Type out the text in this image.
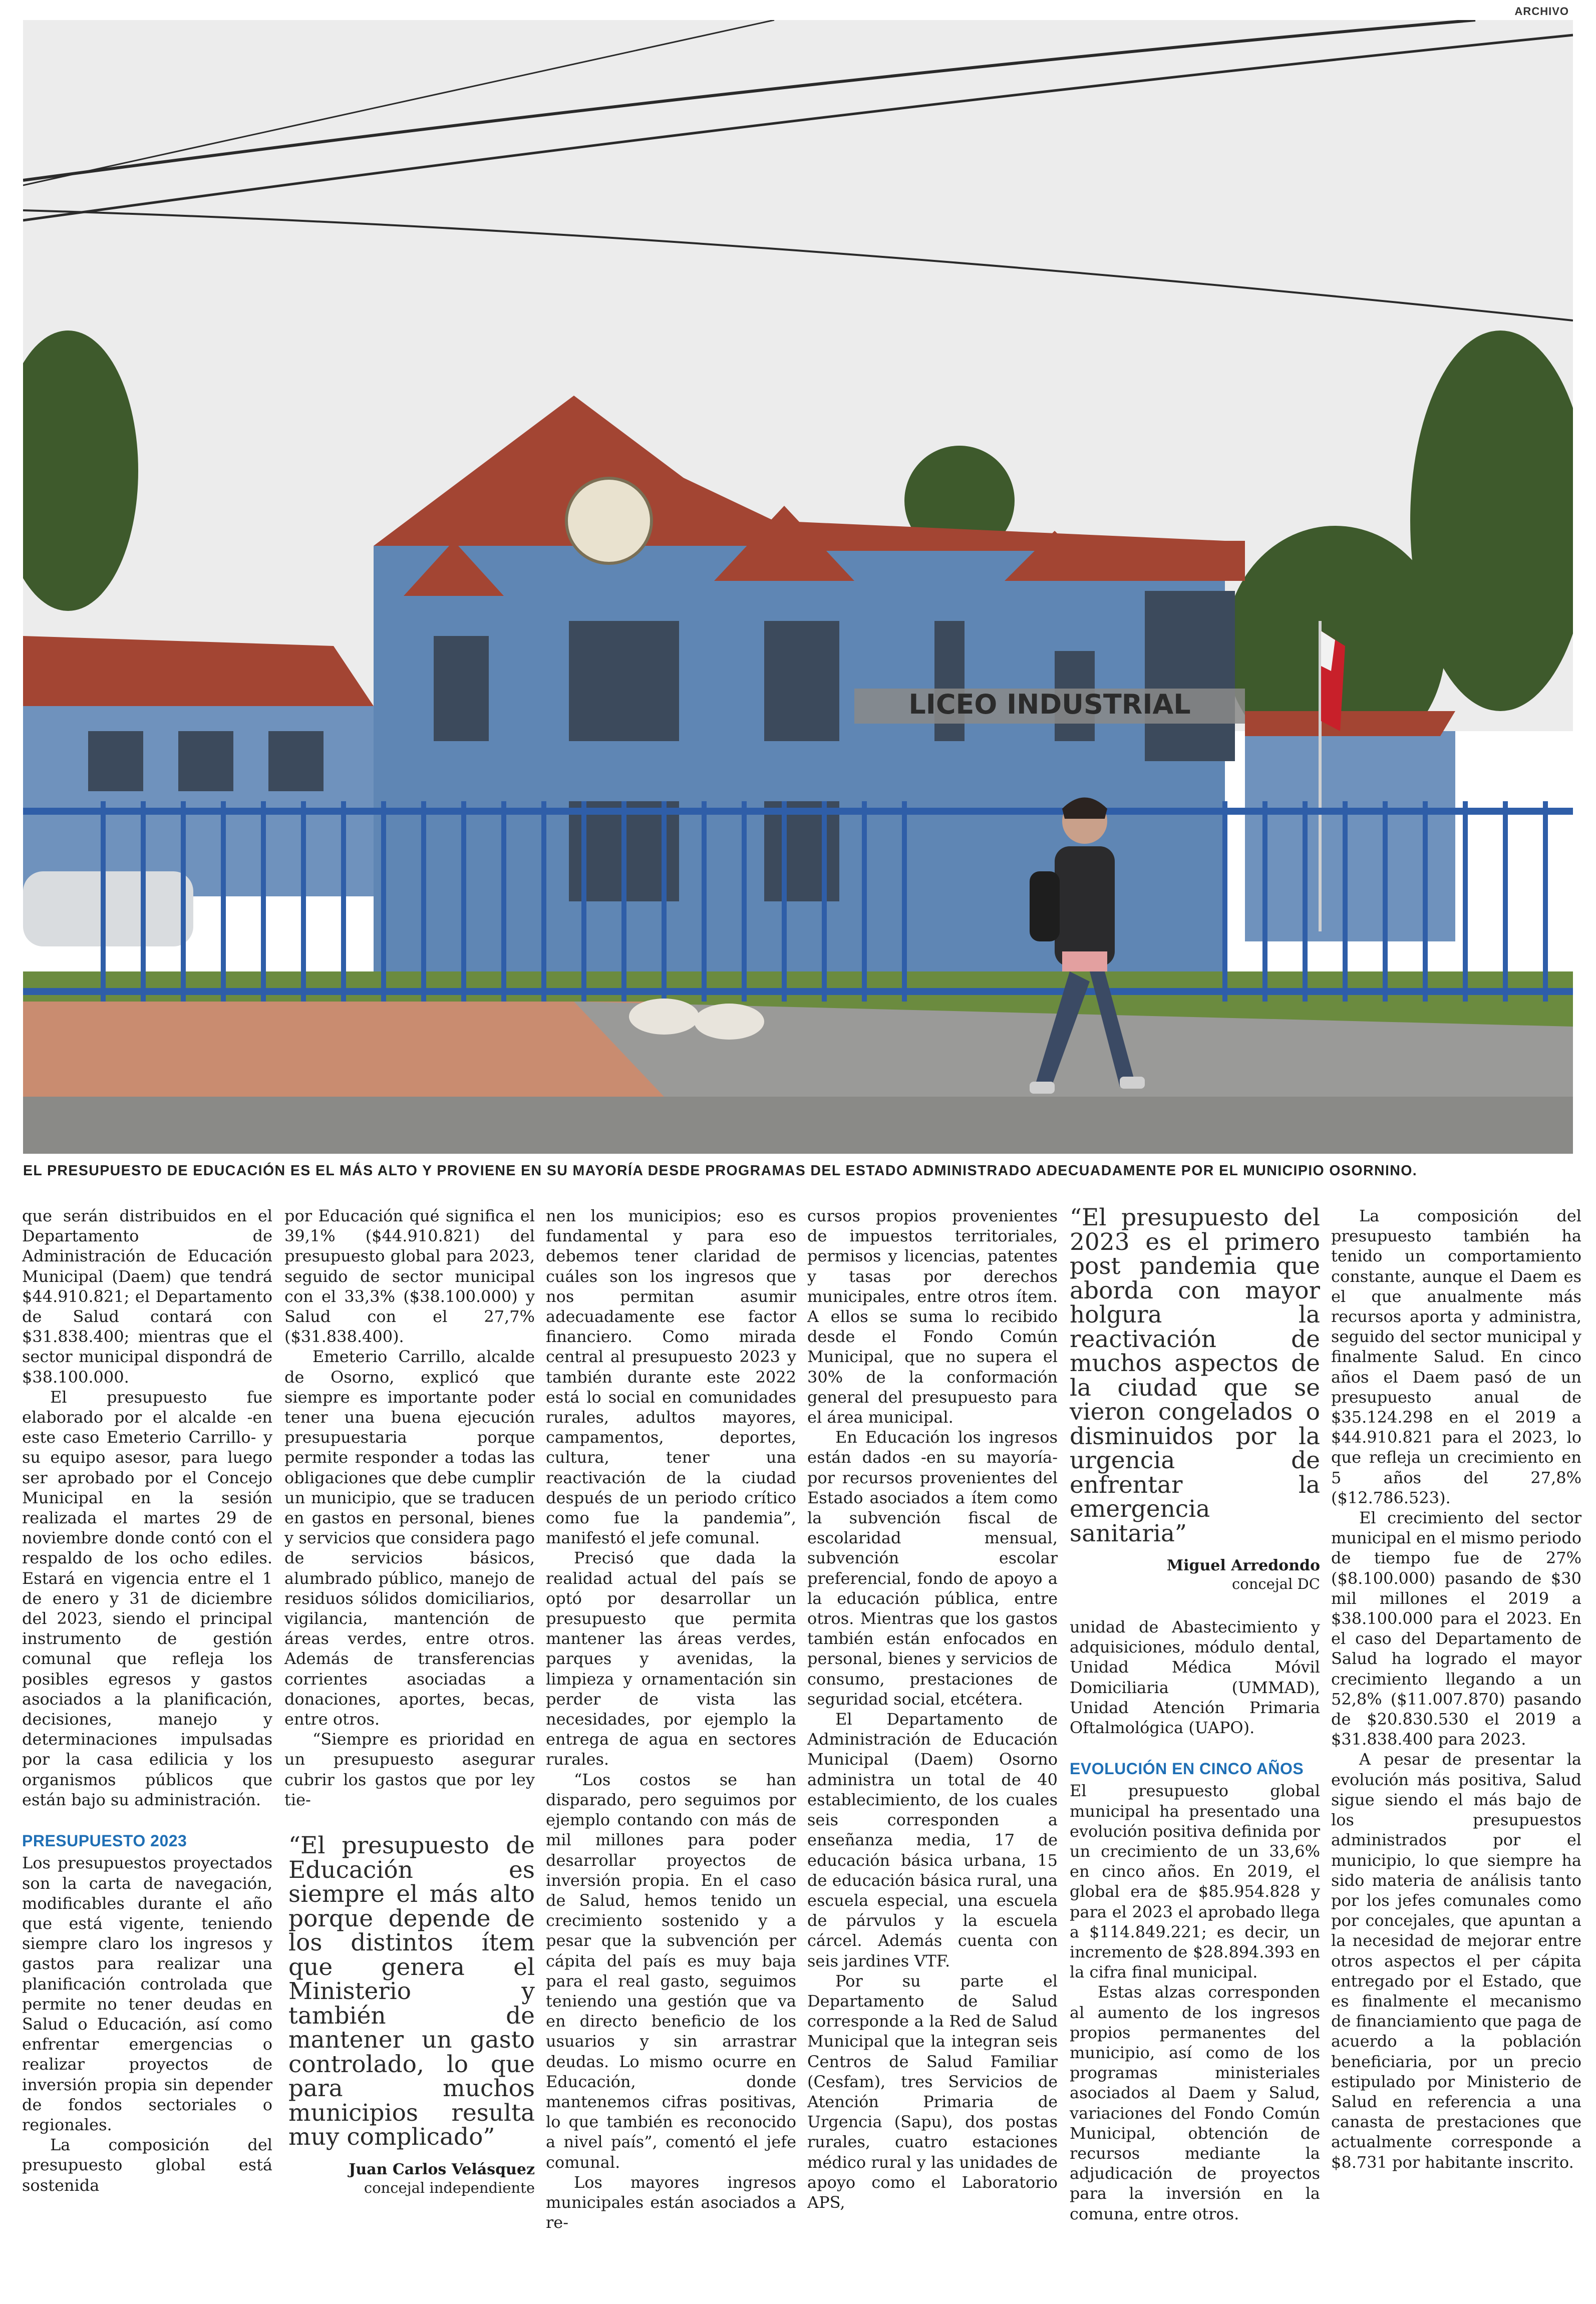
ARCHIVO
LICEO INDUSTRIAL
EL PRESUPUESTO DE EDUCACIÓN ES EL MÁS ALTO Y PROVIENE EN SU MAYORÍA DESDE PROGRAMAS DEL ESTADO ADMINISTRADO ADECUADAMENTE POR EL MUNICIPIO OSORNINO.

que serán distribuidos en el Departamento de Administración de Educación Municipal (Daem) que tendrá $44.910.821; el Departamento de Salud contará con $31.838.400; mientras que el sector municipal dispondrá de $38.100.000.

El presupuesto fue elaborado por el alcalde -en este caso Emeterio Carrillo- y su equipo asesor, para luego ser aprobado por el Concejo Municipal en la sesión realizada el martes 29 de noviembre donde contó con el respaldo de los ocho ediles. Estará en vigencia entre el 1 de enero y 31 de diciembre del 2023, siendo el principal instrumento de gestión comunal que refleja los posibles egresos y gastos asociados a la planificación, decisiones, manejo y determinaciones impulsadas por la casa edilicia y los organismos públicos que están bajo su administración.

PRESUPUESTO 2023

Los presupuestos proyectados son la carta de navegación, modificables durante el año que está vigente, teniendo siempre claro los ingresos y gastos para realizar una planificación controlada que permite no tener deudas en Salud o Educación, así como enfrentar emergencias o realizar proyectos de inversión propia sin depender de fondos sectoriales o regionales.

La composición del presupuesto global está sostenida

por Educación qué significa el 39,1% ($44.910.821) del presupuesto global para 2023, seguido de sector municipal con el 33,3% ($38.100.000) y Salud con el 27,7% ($31.838.400).

Emeterio Carrillo, alcalde de Osorno, explicó que siempre es importante poder tener una buena ejecución presupuestaria porque permite responder a todas las obligaciones que debe cumplir un municipio, que se traducen en gastos en personal, bienes y servicios que considera pago de servicios básicos, alumbrado público, manejo de residuos sólidos domiciliarios, vigilancia, mantención de áreas verdes, entre otros. Además de transferencias corrientes asociadas a donaciones, aportes, becas, entre otros.

“Siempre es prioridad en un presupuesto asegurar cubrir los gastos que por ley tie-

“El presupuesto de Educación es siempre el más alto porque depende de los distintos ítem que genera el Ministerio y también de mantener un gasto controlado, lo que para muchos municipios resulta muy complicado”

Juan Carlos Velásquez
concejal independiente

nen los municipios; eso es fundamental y para eso debemos tener claridad de cuáles son los ingresos que nos permitan asumir adecuadamente ese factor financiero. Como mirada central al presupuesto 2023 y también durante este 2022 está lo social en comunidades rurales, adultos mayores, campamentos, deportes, cultura, tener una reactivación de la ciudad después de un periodo crítico como fue la pandemia”, manifestó el jefe comunal.

Precisó que dada la realidad actual del país se optó por desarrollar un presupuesto que permita mantener las áreas verdes, parques y avenidas, la limpieza y ornamentación sin perder de vista las necesidades, por ejemplo la entrega de agua en sectores rurales.

“Los costos se han disparado, pero seguimos por ejemplo contando con más de mil millones para poder desarrollar proyectos de inversión propia. En el caso de Salud, hemos tenido un crecimiento sostenido y a pesar que la subvención per cápita del país es muy baja para el real gasto, seguimos teniendo una gestión que va en directo beneficio de los usuarios y sin arrastrar deudas. Lo mismo ocurre en Educación, donde mantenemos cifras positivas, lo que también es reconocido a nivel país”, comentó el jefe comunal.

Los mayores ingresos municipales están asociados a re-

cursos propios provenientes de impuestos territoriales, permisos y licencias, patentes y tasas por derechos municipales, entre otros ítem. A ellos se suma lo recibido desde el Fondo Común Municipal, que no supera el 30% de la conformación general del presupuesto para el área municipal.

En Educación los ingresos están dados -en su mayoría- por recursos provenientes del Estado asociados a ítem como la subvención fiscal de escolaridad mensual, subvención escolar preferencial, fondo de apoyo a la educación pública, entre otros. Mientras que los gastos también están enfocados en personal, bienes y servicios de consumo, prestaciones de seguridad social, etcétera.

El Departamento de Administración de Educación Municipal (Daem) Osorno administra un total de 40 establecimiento, de los cuales seis corresponden a enseñanza media, 17 de educación básica urbana, 15 de educación básica rural, una escuela especial, una escuela de párvulos y la escuela cárcel. Además cuenta con seis jardines VTF.

Por su parte el Departamento de Salud corresponde a la Red de Salud Municipal que la integran seis Centros de Salud Familiar (Cesfam), tres Servicios de Atención Primaria de Urgencia (Sapu), dos postas rurales, cuatro estaciones médico rural y las unidades de apoyo como el Laboratorio APS,

“El presupuesto del 2023 es el primero post pandemia que aborda con mayor holgura la reactivación de muchos aspectos de la ciudad que se vieron congelados o disminuidos por la urgencia de enfrentar la emergencia sanitaria”

Miguel Arredondo
concejal DC

unidad de Abastecimiento y adquisiciones, módulo dental, Unidad Médica Móvil Domiciliaria (UMMAD), Unidad Atención Primaria Oftalmológica (UAPO).

EVOLUCIÓN EN CINCO AÑOS

El presupuesto global municipal ha presentado una evolución positiva definida por un crecimiento de un 33,6% en cinco años. En 2019, el global era de $85.954.828 y para el 2023 el aprobado llega a $114.849.221; es decir, un incremento de $28.894.393 en la cifra final municipal.

Estas alzas corresponden al aumento de los ingresos propios permanentes del municipio, así como de los programas ministeriales asociados al Daem y Salud, variaciones del Fondo Común Municipal, obtención de recursos mediante la adjudicación de proyectos para la inversión en la comuna, entre otros.

La composición del presupuesto también ha tenido un comportamiento constante, aunque el Daem es el que anualmente más recursos aporta y administra, seguido del sector municipal y finalmente Salud. En cinco años el Daem pasó de un presupuesto anual de $35.124.298 en el 2019 a $44.910.821 para el 2023, lo que refleja un crecimiento en 5 años del 27,8% ($12.786.523).

El crecimiento del sector municipal en el mismo periodo de tiempo fue de 27% ($8.100.000) pasando de $30 mil millones el 2019 a $38.100.000 para el 2023. En el caso del Departamento de Salud ha logrado el mayor crecimiento llegando a un 52,8% ($11.007.870) pasando de $20.830.530 el 2019 a $31.838.400 para 2023.

A pesar de presentar la evolución más positiva, Salud sigue siendo el más bajo de los presupuestos administrados por el municipio, lo que siempre ha sido materia de análisis tanto por los jefes comunales como por concejales, que apuntan a la necesidad de mejorar entre otros aspectos el per cápita entregado por el Estado, que es finalmente el mecanismo de financiamiento que paga de acuerdo a la población beneficiaria, por un precio estipulado por Ministerio de Salud en referencia a una canasta de prestaciones que actualmente corresponde a $8.731 por habitante inscrito.
